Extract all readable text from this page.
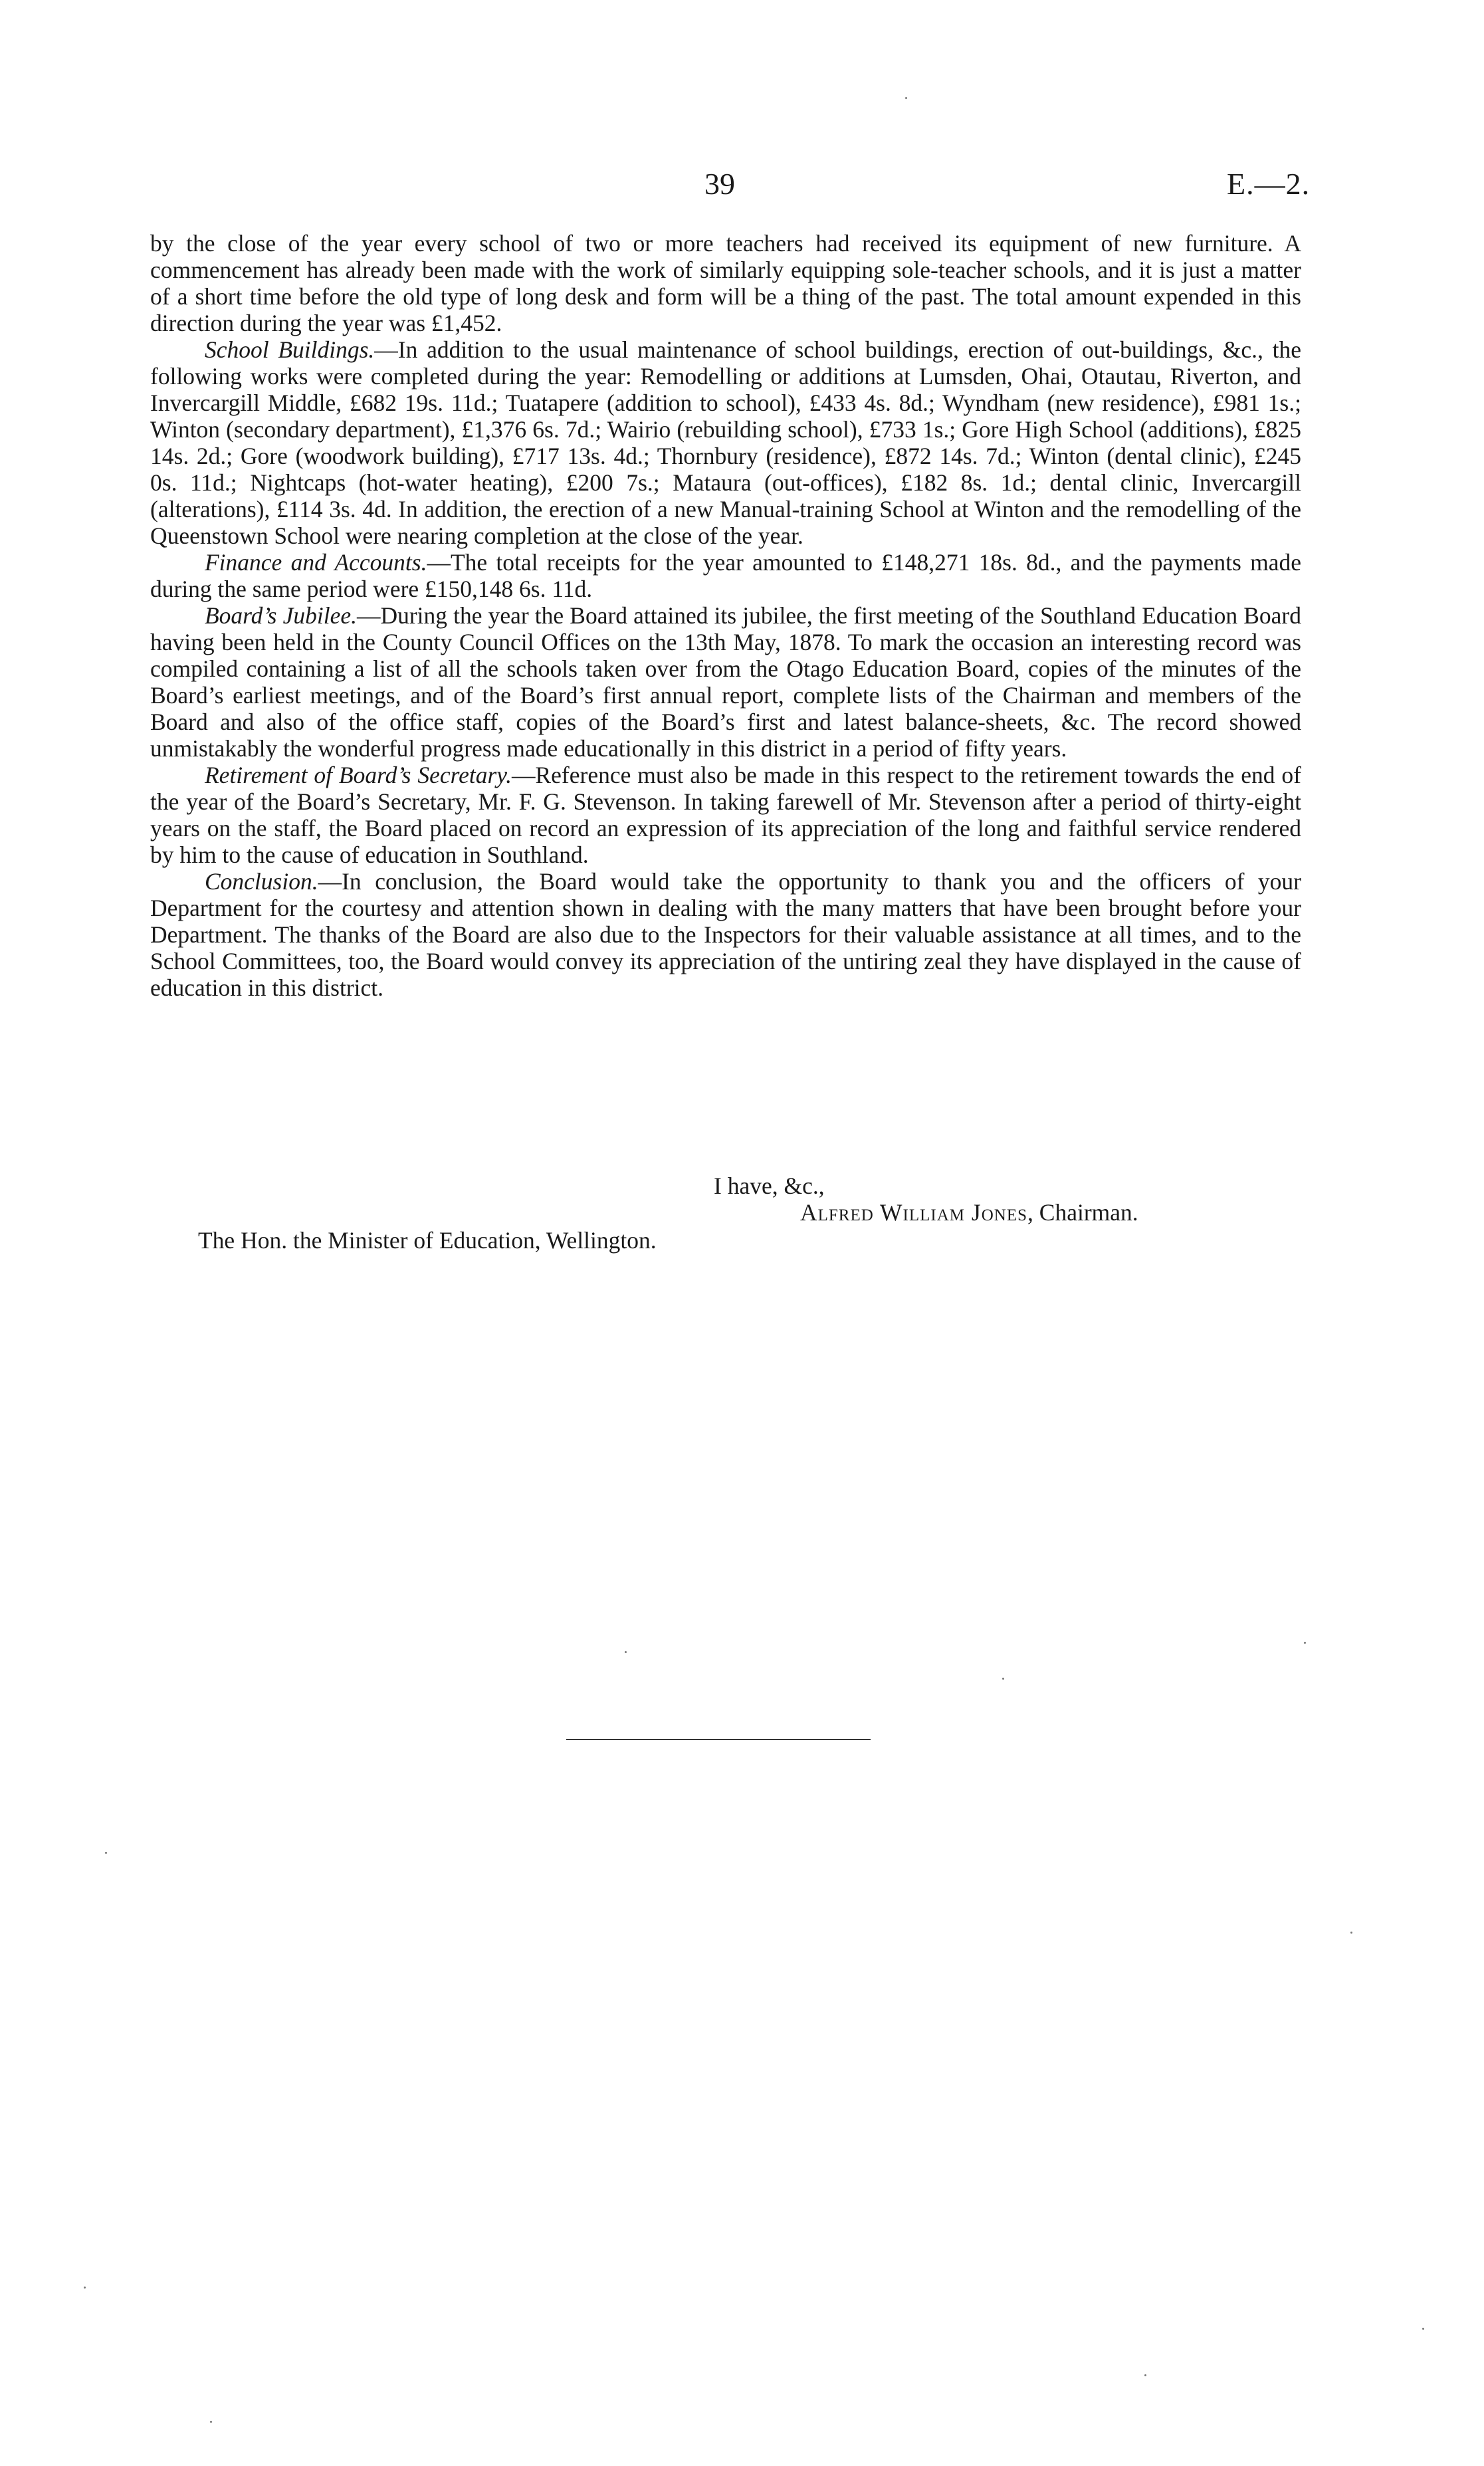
39	E.—2.

by the close of the year every school of two or more teachers had received its equipment of new furniture. A commencement has already been made with the work of similarly equipping sole-teacher schools, and it is just a matter of a short time before the old type of long desk and form will be a thing of the past. The total amount expended in this direction during the year was £1,452.

School Buildings.—In addition to the usual maintenance of school buildings, erection of out-buildings, &c., the following works were completed during the year: Remodelling or additions at Lumsden, Ohai, Otautau, Riverton, and Invercargill Middle, £682 19s. 11d.; Tuatapere (addition to school), £433 4s. 8d.; Wyndham (new residence), £981 1s.; Winton (secondary department), £1,376 6s. 7d.; Wairio (rebuilding school), £733 1s.; Gore High School (additions), £825 14s. 2d.; Gore (woodwork building), £717 13s. 4d.; Thornbury (residence), £872 14s. 7d.; Winton (dental clinic), £245 0s. 11d.; Nightcaps (hot-water heating), £200 7s.; Mataura (out-offices), £182 8s. 1d.; dental clinic, Invercargill (alterations), £114 3s. 4d. In addition, the erection of a new Manual-training School at Winton and the remodelling of the Queenstown School were nearing completion at the close of the year.

Finance and Accounts.—The total receipts for the year amounted to £148,271 18s. 8d., and the payments made during the same period were £150,148 6s. 11d.

Board’s Jubilee.—During the year the Board attained its jubilee, the first meeting of the Southland Education Board having been held in the County Council Offices on the 13th May, 1878. To mark the occasion an interesting record was compiled containing a list of all the schools taken over from the Otago Education Board, copies of the minutes of the Board’s earliest meetings, and of the Board’s first annual report, complete lists of the Chairman and members of the Board and also of the office staff, copies of the Board’s first and latest balance-sheets, &c. The record showed unmistakably the wonderful progress made educationally in this district in a period of fifty years.

Retirement of Board’s Secretary.—Reference must also be made in this respect to the retirement towards the end of the year of the Board’s Secretary, Mr. F. G. Stevenson. In taking farewell of Mr. Stevenson after a period of thirty-eight years on the staff, the Board placed on record an expression of its appreciation of the long and faithful service rendered by him to the cause of education in Southland.

Conclusion.—In conclusion, the Board would take the opportunity to thank you and the officers of your Department for the courtesy and attention shown in dealing with the many matters that have been brought before your Department. The thanks of the Board are also due to the Inspectors for their valuable assistance at all times, and to the School Committees, too, the Board would convey its appreciation of the untiring zeal they have displayed in the cause of education in this district.

I have, &c.,
Alfred William Jones, Chairman.
The Hon. the Minister of Education, Wellington.
